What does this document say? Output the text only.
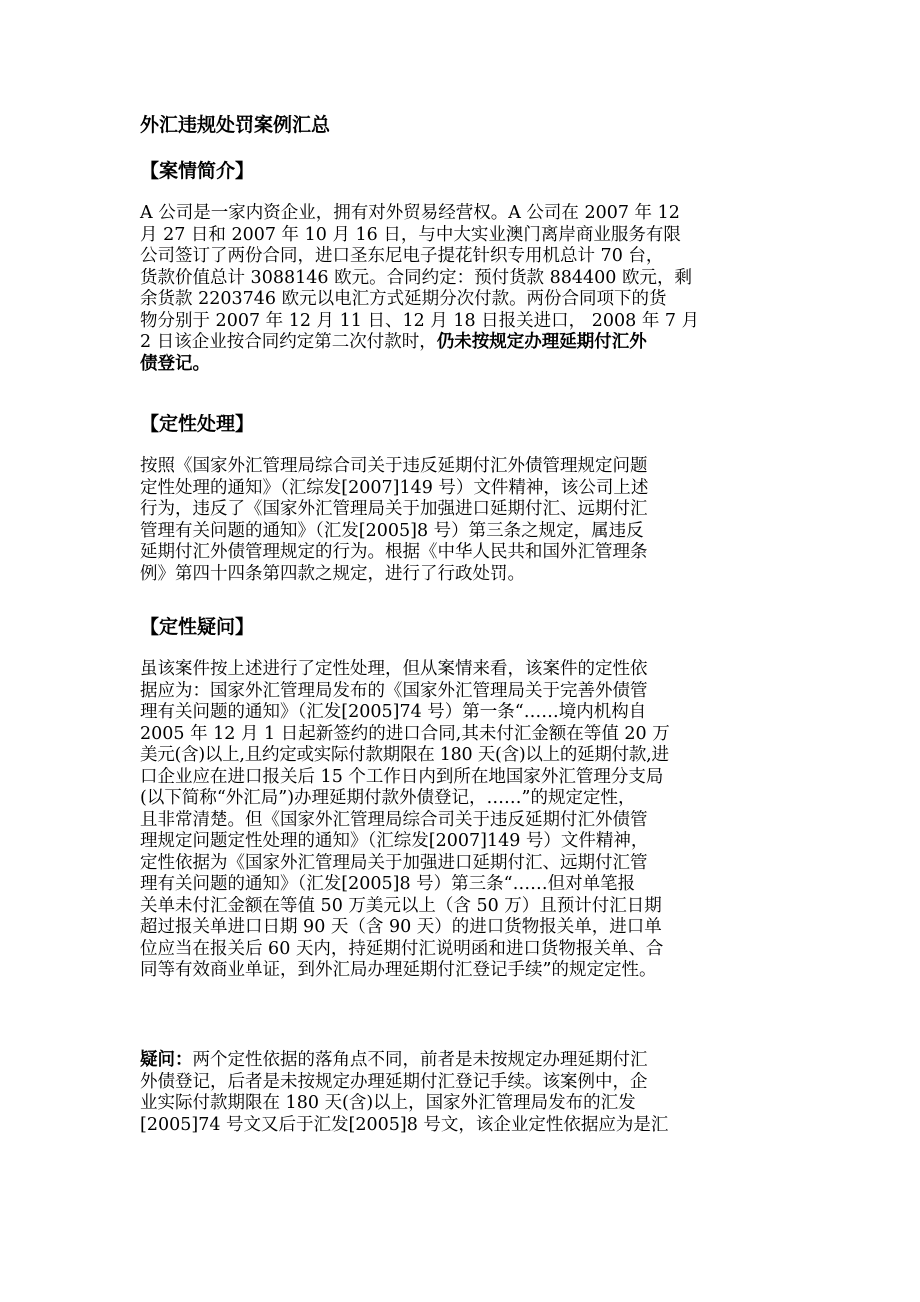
外汇违规处罚案例汇总
【案情简介】
A 公司是一家内资企业，拥有对外贸易经营权。A 公司在 2007 年 12
月 27 日和 2007 年 10 月 16 日，与中大实业澳门离岸商业服务有限
公司签订了两份合同，进口圣东尼电子提花针织专用机总计 70 台，
货款价值总计 3088146 欧元。合同约定：预付货款 884400 欧元，剩
余货款 2203746 欧元以电汇方式延期分次付款。两份合同项下的货
物分别于 2007 年 12 月 11 日、12 月 18 日报关进口， 2008 年 7 月
2 日该企业按合同约定第二次付款时，仍未按规定办理延期付汇外
债登记。
【定性处理】
按照《国家外汇管理局综合司关于违反延期付汇外债管理规定问题
定性处理的通知》（汇综发[2007]149 号）文件精神，该公司上述
行为，违反了《国家外汇管理局关于加强进口延期付汇、远期付汇
管理有关问题的通知》（汇发[2005]8 号）第三条之规定，属违反
延期付汇外债管理规定的行为。根据《中华人民共和国外汇管理条
例》第四十四条第四款之规定，进行了行政处罚。
【定性疑问】
虽该案件按上述进行了定性处理，但从案情来看，该案件的定性依
据应为：国家外汇管理局发布的《国家外汇管理局关于完善外债管
理有关问题的通知》（汇发[2005]74 号）第一条“……境内机构自
2005 年 12 月 1 日起新签约的进口合同,其未付汇金额在等值 20 万
美元(含)以上,且约定或实际付款期限在 180 天(含)以上的延期付款,进
口企业应在进口报关后 15 个工作日内到所在地国家外汇管理分支局
(以下简称“外汇局”)办理延期付款外债登记，……”的规定定性，
且非常清楚。但《国家外汇管理局综合司关于违反延期付汇外债管
理规定问题定性处理的通知》（汇综发[2007]149 号）文件精神，
定性依据为《国家外汇管理局关于加强进口延期付汇、远期付汇管
理有关问题的通知》（汇发[2005]8 号）第三条“……但对单笔报
关单未付汇金额在等值 50 万美元以上（含 50 万）且预计付汇日期
超过报关单进口日期 90 天（含 90 天）的进口货物报关单，进口单
位应当在报关后 60 天内，持延期付汇说明函和进口货物报关单、合
同等有效商业单证，到外汇局办理延期付汇登记手续”的规定定性。
疑问：两个定性依据的落角点不同，前者是未按规定办理延期付汇
外债登记，后者是未按规定办理延期付汇登记手续。该案例中，企
业实际付款期限在 180 天(含)以上，国家外汇管理局发布的汇发
[2005]74 号文又后于汇发[2005]8 号文，该企业定性依据应为是汇
